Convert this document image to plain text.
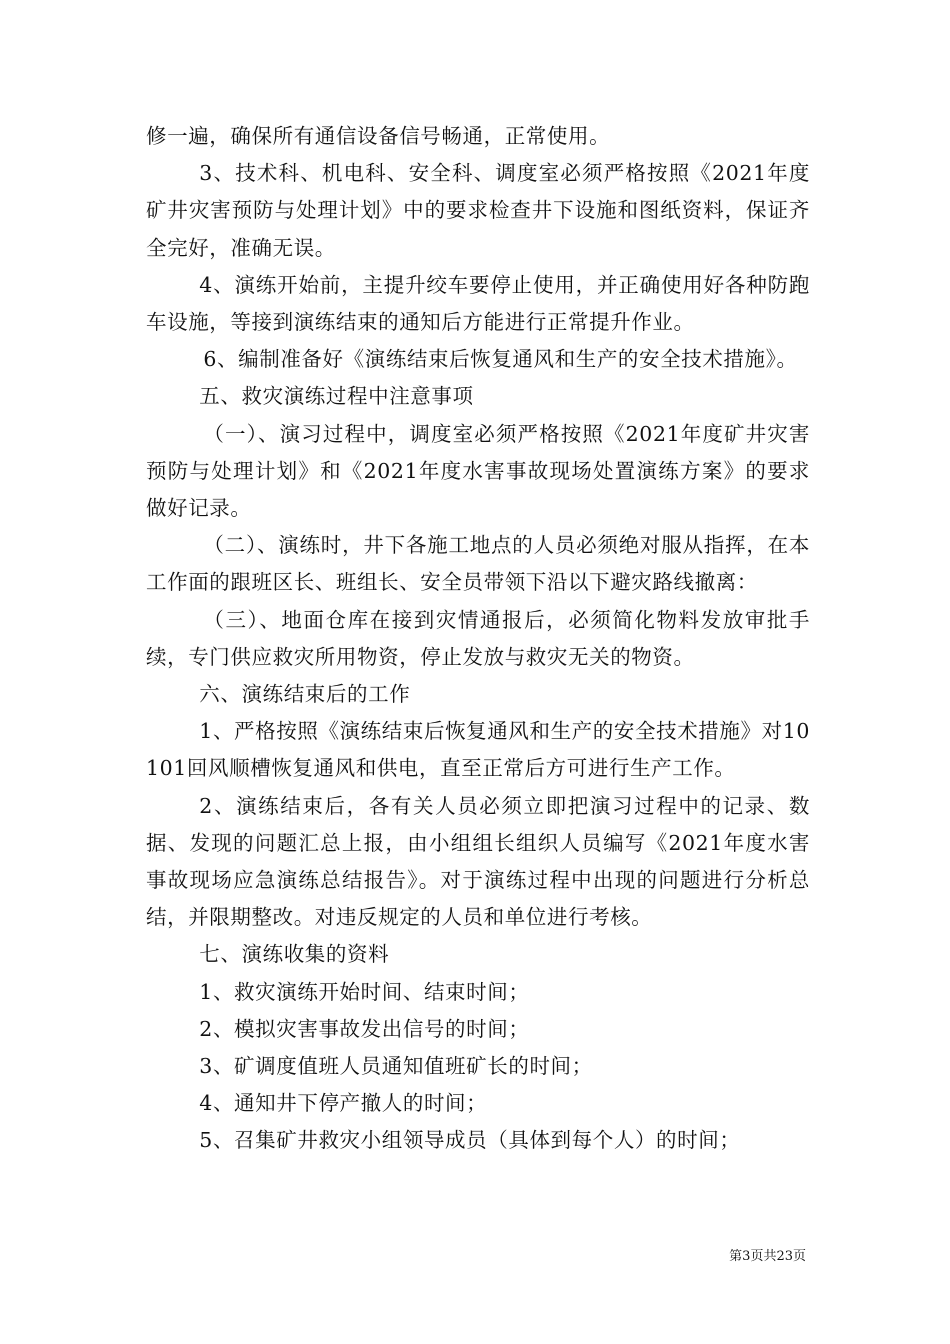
修一遍，确保所有通信设备信号畅通，正常使用。

3、技术科、机电科、安全科、调度室必须严格按照《2021年度矿井灾害预防与处理计划》中的要求检查井下设施和图纸资料，保证齐全完好，准确无误。

4、演练开始前，主提升绞车要停止使用，并正确使用好各种防跑车设施，等接到演练结束的通知后方能进行正常提升作业。

6、编制准备好《演练结束后恢复通风和生产的安全技术措施》。

五、救灾演练过程中注意事项

（一）、演习过程中，调度室必须严格按照《2021年度矿井灾害预防与处理计划》和《2021年度水害事故现场处置演练方案》的要求做好记录。

（二）、演练时，井下各施工地点的人员必须绝对服从指挥，在本工作面的跟班区长、班组长、安全员带领下沿以下避灾路线撤离：

（三）、地面仓库在接到灾情通报后，必须简化物料发放审批手续，专门供应救灾所用物资，停止发放与救灾无关的物资。

六、演练结束后的工作

1、严格按照《演练结束后恢复通风和生产的安全技术措施》对10101回风顺槽恢复通风和供电，直至正常后方可进行生产工作。

2、演练结束后，各有关人员必须立即把演习过程中的记录、数据、发现的问题汇总上报，由小组组长组织人员编写《2021年度水害事故现场应急演练总结报告》。对于演练过程中出现的问题进行分析总结，并限期整改。对违反规定的人员和单位进行考核。

七、演练收集的资料

1、救灾演练开始时间、结束时间；

2、模拟灾害事故发出信号的时间；

3、矿调度值班人员通知值班矿长的时间；

4、通知井下停产撤人的时间；

5、召集矿井救灾小组领导成员（具体到每个人）的时间；

第3页共23页
